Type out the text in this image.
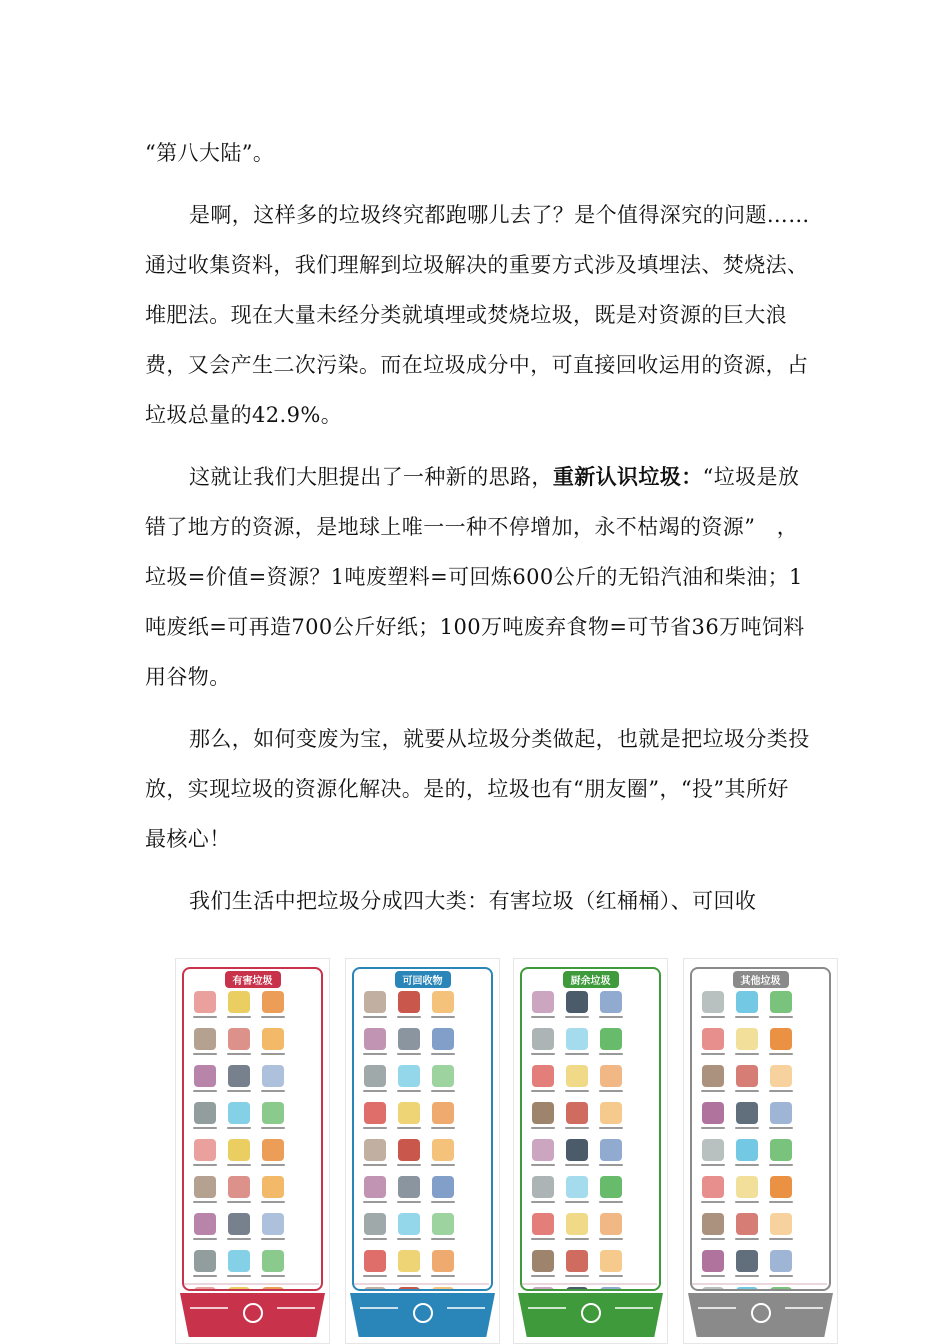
“第八大陆”。

是啊，这样多的垃圾终究都跑哪儿去了？是个值得深究的问题……通过收集资料，我们理解到垃圾解决的重要方式涉及填埋法、焚烧法、堆肥法。现在大量未经分类就填埋或焚烧垃圾，既是对资源的巨大浪费，又会产生二次污染。而在垃圾成分中，可直接回收运用的资源，占垃圾总量的42.9%。

这就让我们大胆提出了一种新的思路，重新认识垃圾：“垃圾是放错了地方的资源，是地球上唯一一种不停增加，永不枯竭的资源”　，垃圾=价值=资源？1吨废塑料=可回炼600公斤的无铅汽油和柴油；1吨废纸=可再造700公斤好纸；100万吨废弃食物=可节省36万吨饲料用谷物。

那么，如何变废为宝，就要从垃圾分类做起，也就是把垃圾分类投放，实现垃圾的资源化解决。是的，垃圾也有“朋友圈”，“投”其所好最核心！

我们生活中把垃圾分成四大类：有害垃圾（红桶桶）、可回收

有害垃圾	可回收物	厨余垃圾	其他垃圾
